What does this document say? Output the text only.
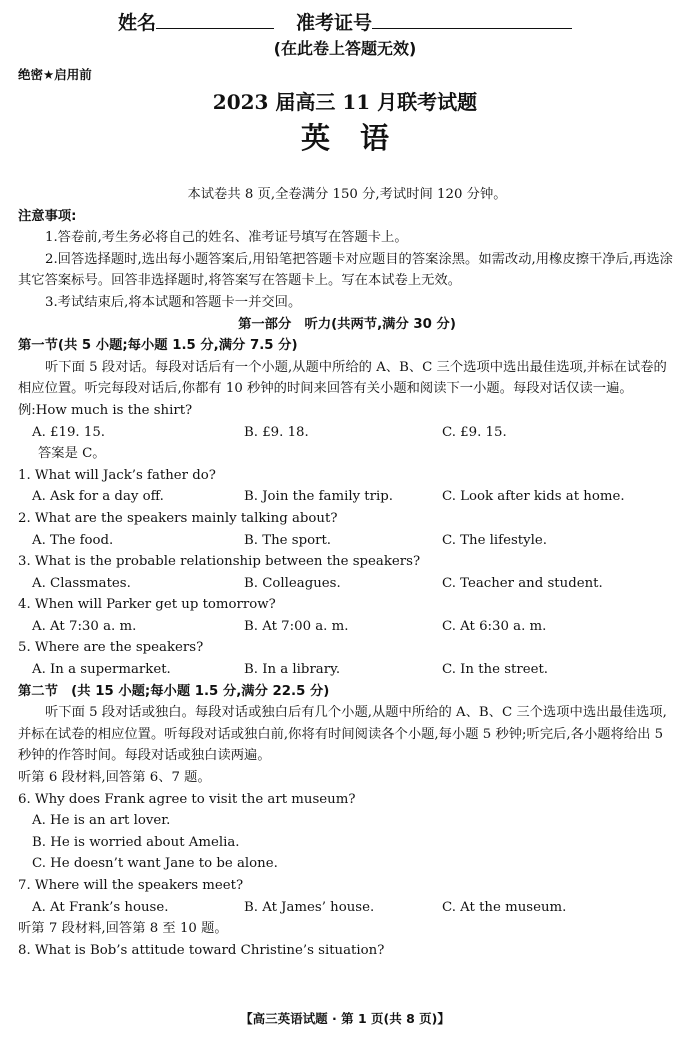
姓名	准考证号
(在此卷上答题无效)
绝密★启用前
2023 届高三 11 月联考试题
英语

本试卷共 8 页,全卷满分 150 分,考试时间 120 分钟。

注意事项:

1.答卷前,考生务必将自己的姓名、准考证号填写在答题卡上。

2.回答选择题时,选出每小题答案后,用铅笔把答题卡对应题目的答案涂黑。如需改动,用橡皮擦干净后,再选涂其它答案标号。回答非选择题时,将答案写在答题卡上。写在本试卷上无效。

3.考试结束后,将本试题和答题卡一并交回。

第一部分　听力(共两节,满分 30 分)

第一节(共 5 小题;每小题 1.5 分,满分 7.5 分)

听下面 5 段对话。每段对话后有一个小题,从题中所给的 A、B、C 三个选项中选出最佳选项,并标在试卷的相应位置。听完每段对话后,你都有 10 秒钟的时间来回答有关小题和阅读下一小题。每段对话仅读一遍。

例:How much is the shirt?

A. £19. 15.	B. £9. 18.	C. £9. 15.

答案是 C。

1. What will Jack’s father do?

A. Ask for a day off.	B. Join the family trip.	C. Look after kids at home.

2. What are the speakers mainly talking about?

A. The food.	B. The sport.	C. The lifestyle.

3. What is the probable relationship between the speakers?

A. Classmates.	B. Colleagues.	C. Teacher and student.

4. When will Parker get up tomorrow?

A. At 7:30 a. m.	B. At 7:00 a. m.	C. At 6:30 a. m.

5. Where are the speakers?

A. In a supermarket.	B. In a library.	C. In the street.

第二节　(共 15 小题;每小题 1.5 分,满分 22.5 分)

听下面 5 段对话或独白。每段对话或独白后有几个小题,从题中所给的 A、B、C 三个选项中选出最佳选项,并标在试卷的相应位置。听每段对话或独白前,你将有时间阅读各个小题,每小题 5 秒钟;听完后,各小题将给出 5 秒钟的作答时间。每段对话或独白读两遍。

听第 6 段材料,回答第 6、7 题。

6. Why does Frank agree to visit the art museum?

A. He is an art lover.

B. He is worried about Amelia.

C. He doesn’t want Jane to be alone.

7. Where will the speakers meet?

A. At Frank’s house.	B. At James’ house.	C. At the museum.

听第 7 段材料,回答第 8 至 10 题。

8. What is Bob’s attitude toward Christine’s situation?

【高三英语试题 · 第 1 页(共 8 页)】
